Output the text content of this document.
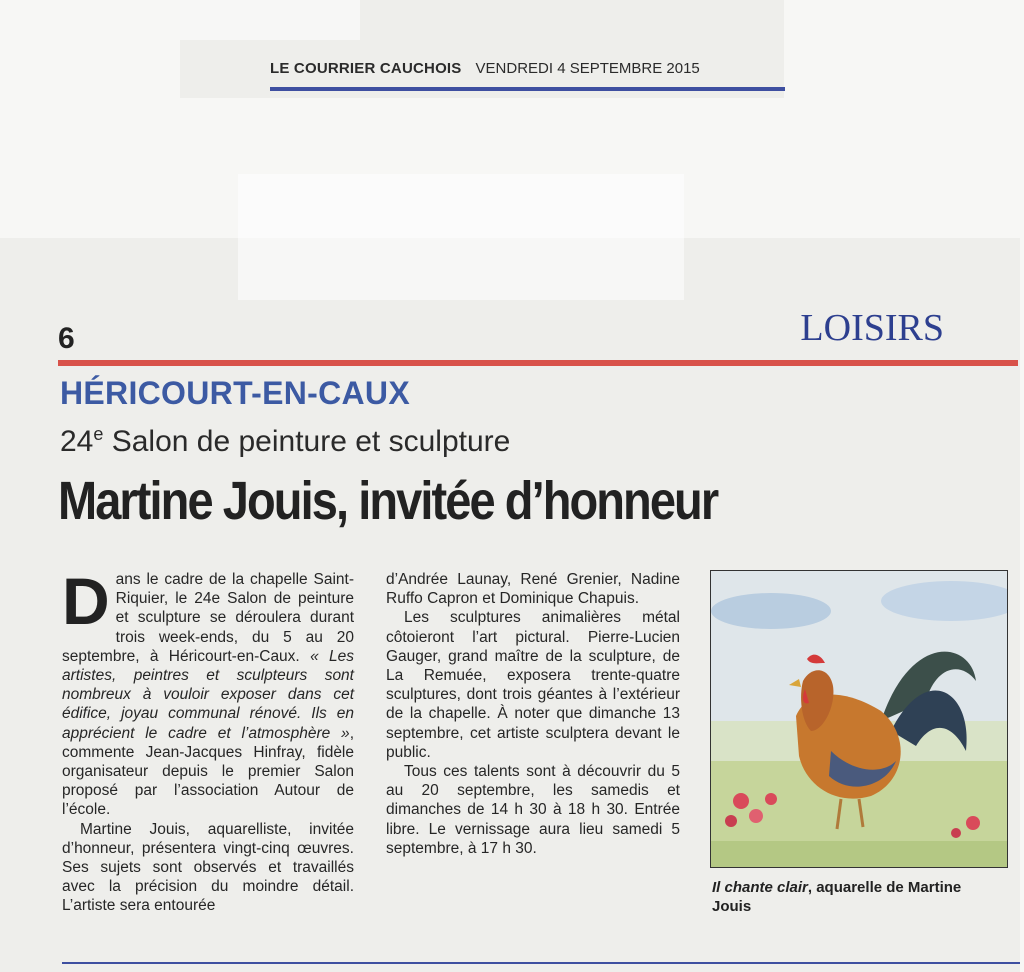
LE COURRIER CAUCHOIS VENDREDI 4 SEPTEMBRE 2015
6	LOISIRS
HÉRICOURT-EN-CAUX
24e Salon de peinture et sculpture
Martine Jouis, invitée d’honneur

Dans le cadre de la chapelle Saint-Riquier, le 24e Salon de peinture et sculpture se déroulera durant trois week-ends, du 5 au 20 septembre, à Héricourt-en-Caux. « Les artistes, peintres et sculpteurs sont nombreux à vouloir exposer dans cet édifice, joyau communal rénové. Ils en apprécient le cadre et l’atmosphère », commente Jean-Jacques Hinfray, fidèle organisateur depuis le premier Salon proposé par l’association Autour de l’école.

Martine Jouis, aquarelliste, invitée d’honneur, présentera vingt-cinq œuvres. Ses sujets sont observés et travaillés avec la précision du moindre détail. L’artiste sera entourée

d’Andrée Launay, René Grenier, Nadine Ruffo Capron et Dominique Chapuis.

Les sculptures animalières métal côtoieront l’art pictural. Pierre-Lucien Gauger, grand maître de la sculpture, de La Remuée, exposera trente-quatre sculptures, dont trois géantes à l’extérieur de la chapelle. À noter que dimanche 13 septembre, cet artiste sculptera devant le public.

Tous ces talents sont à découvrir du 5 au 20 septembre, les samedis et dimanches de 14 h 30 à 18 h 30. Entrée libre. Le vernissage aura lieu samedi 5 septembre, à 17 h 30.

Il chante clair, aquarelle de Martine Jouis
